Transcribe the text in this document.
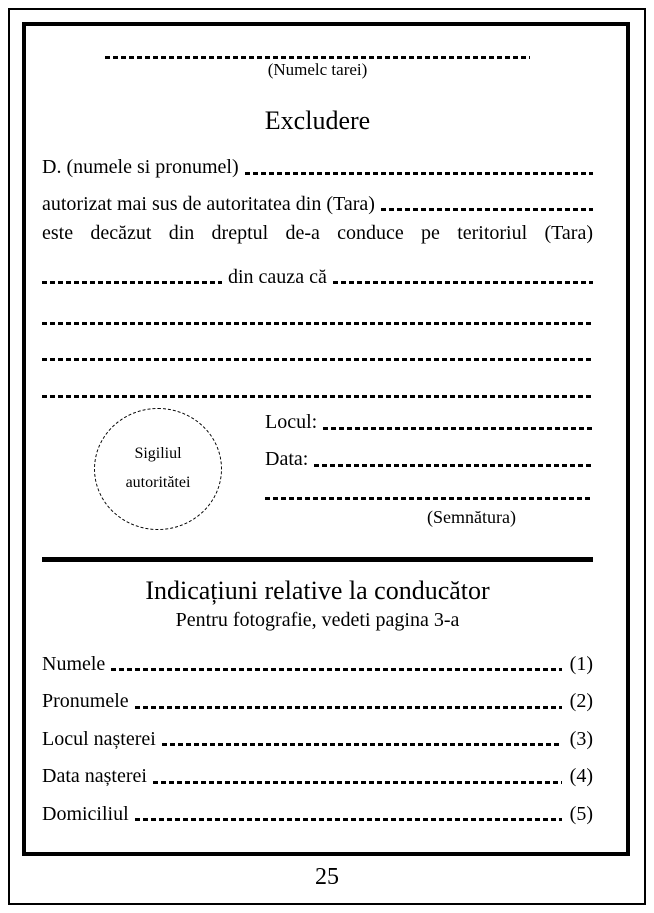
(Numelc tarei)
Excludere
D. (numele si pronumel)
autorizat mai sus de autoritatea din (Tara)
este decăzut din dreptul de-a conduce pe teritoriul (Tara)
din cauza că
Sigiliul
autoritătei
Locul:
Data:
(Semnătura)
Indicațiuni relative la conducător
Pentru fotografie, vedeti pagina 3-a
Numele	(1)
Pronumele	(2)
Locul nașterei	(3)
Data nașterei	(4)
Domiciliul	(5)
25
